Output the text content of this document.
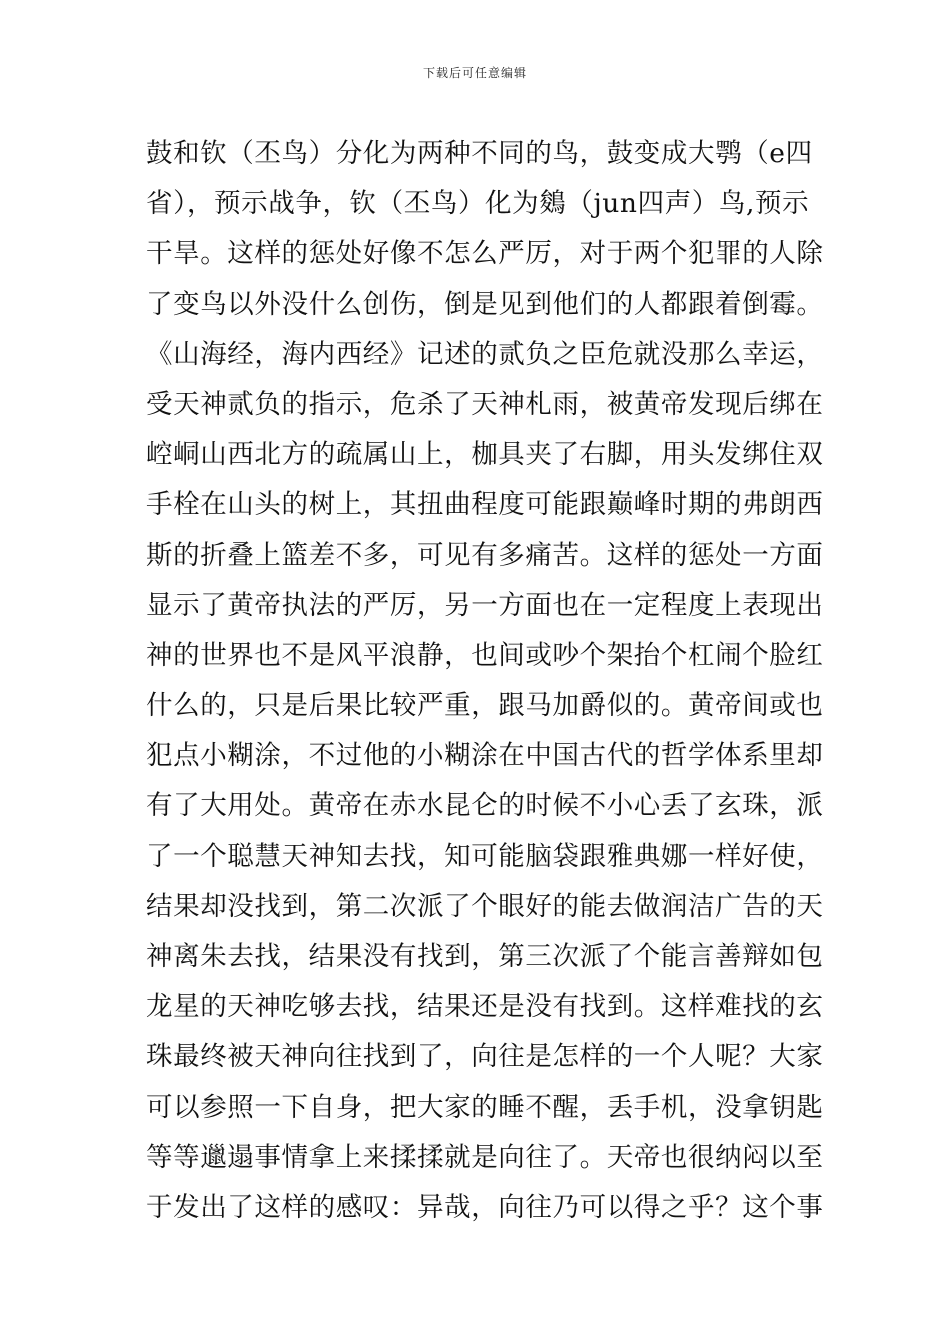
下载后可任意编辑
鼓和钦（丕鸟）分化为两种不同的鸟，鼓变成大鹗（e四
省），预示战争，钦（丕鸟）化为鵕（jun四声）鸟,预示
干旱。这样的惩处好像不怎么严厉，对于两个犯罪的人除
了变鸟以外没什么创伤，倒是见到他们的人都跟着倒霉。
《山海经，海内西经》记述的贰负之臣危就没那么幸运，
受天神贰负的指示，危杀了天神札雨，被黄帝发现后绑在
崆峒山西北方的疏属山上，枷具夹了右脚，用头发绑住双
手栓在山头的树上，其扭曲程度可能跟巅峰时期的弗朗西
斯的折叠上篮差不多，可见有多痛苦。这样的惩处一方面
显示了黄帝执法的严厉，另一方面也在一定程度上表现出
神的世界也不是风平浪静，也间或吵个架抬个杠闹个脸红
什么的，只是后果比较严重，跟马加爵似的。黄帝间或也
犯点小糊涂，不过他的小糊涂在中国古代的哲学体系里却
有了大用处。黄帝在赤水昆仑的时候不小心丢了玄珠，派
了一个聪慧天神知去找，知可能脑袋跟雅典娜一样好使，
结果却没找到，第二次派了个眼好的能去做润洁广告的天
神离朱去找，结果没有找到，第三次派了个能言善辩如包
龙星的天神吃够去找，结果还是没有找到。这样难找的玄
珠最终被天神向往找到了，向往是怎样的一个人呢？大家
可以参照一下自身，把大家的睡不醒，丢手机，没拿钥匙
等等邋遢事情拿上来揉揉就是向往了。天帝也很纳闷以至
于发出了这样的感叹：异哉，向往乃可以得之乎？这个事
